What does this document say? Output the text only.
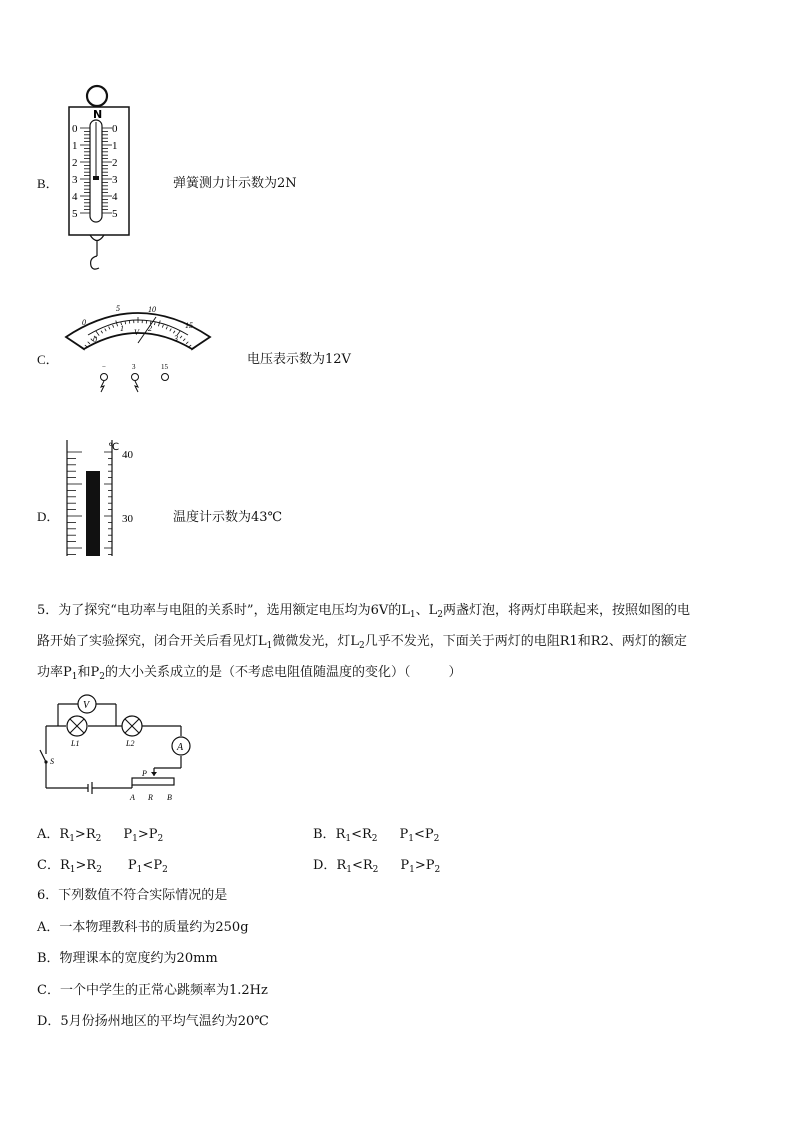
B．
N
0
1
2
3
4
5
0
1
2
3
4
5
弹簧测力计示数为2N
C．
0
5	10
15
0
1	2
3
V
−	3	15	电压表示数为12V
D．
℃
40
30	温度计示数为43℃
5．为了探究“电功率与电阻的关系时”，选用额定电压均为6V的$L_1$、$L_2$两盏灯泡，将两灯串联起来，按照如图的电
路开始了实验探究，闭合开关后看见灯$L_1$微微发光，灯$L_2$几乎不发光，下面关于两灯的电阻R1和R2、两灯的额定
功率$P_1$和$P_2$的大小关系成立的是（不考虑电阻值随温度的变化）（	）
V
A
L1	L2
S
P
A R B
A．$R_1>R_2$ $P_1>P_2$	B．$R_1<R_2$ $P_1<P_2$
C．$R_1>R_2$ $P_1<P_2$	D．$R_1<R_2$ $P_1>P_2$
6．下列数值不符合实际情况的是
A．一本物理教科书的质量约为250g
B．物理课本的宽度约为20mm
C．一个中学生的正常心跳频率为1.2Hz
D．5月份扬州地区的平均气温约为20℃
